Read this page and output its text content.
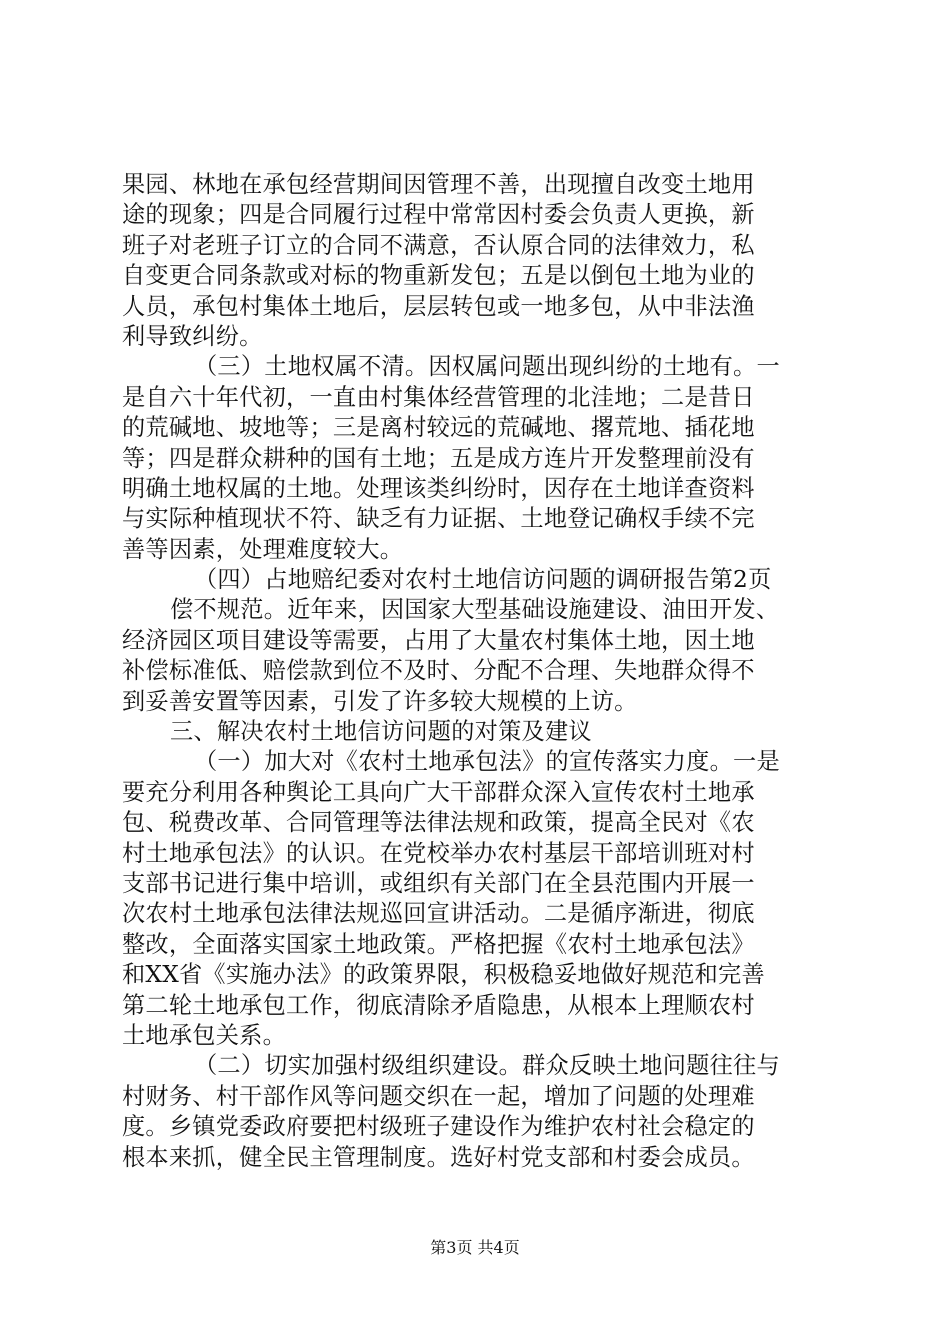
果园、林地在承包经营期间因管理不善，出现擅自改变土地用
途的现象；四是合同履行过程中常常因村委会负责人更换，新
班子对老班子订立的合同不满意，否认原合同的法律效力，私
自变更合同条款或对标的物重新发包；五是以倒包土地为业的
人员，承包村集体土地后，层层转包或一地多包，从中非法渔
利导致纠纷。
（三）土地权属不清。因权属问题出现纠纷的土地有。一
是自六十年代初，一直由村集体经营管理的北洼地；二是昔日
的荒碱地、坡地等；三是离村较远的荒碱地、撂荒地、插花地
等；四是群众耕种的国有土地；五是成方连片开发整理前没有
明确土地权属的土地。处理该类纠纷时，因存在土地详查资料
与实际种植现状不符、缺乏有力证据、土地登记确权手续不完
善等因素，处理难度较大。
（四）占地赔纪委对农村土地信访问题的调研报告第2页
偿不规范。近年来，因国家大型基础设施建设、油田开发、
经济园区项目建设等需要，占用了大量农村集体土地，因土地
补偿标准低、赔偿款到位不及时、分配不合理、失地群众得不
到妥善安置等因素，引发了许多较大规模的上访。
三、解决农村土地信访问题的对策及建议
（一）加大对《农村土地承包法》的宣传落实力度。一是
要充分利用各种舆论工具向广大干部群众深入宣传农村土地承
包、税费改革、合同管理等法律法规和政策，提高全民对《农
村土地承包法》的认识。在党校举办农村基层干部培训班对村
支部书记进行集中培训，或组织有关部门在全县范围内开展一
次农村土地承包法律法规巡回宣讲活动。二是循序渐进，彻底
整改，全面落实国家土地政策。严格把握《农村土地承包法》
和XX省《实施办法》的政策界限，积极稳妥地做好规范和完善
第二轮土地承包工作，彻底清除矛盾隐患，从根本上理顺农村
土地承包关系。
（二）切实加强村级组织建设。群众反映土地问题往往与
村财务、村干部作风等问题交织在一起，增加了问题的处理难
度。乡镇党委政府要把村级班子建设作为维护农村社会稳定的
根本来抓，健全民主管理制度。选好村党支部和村委会成员。
第3页 共4页
